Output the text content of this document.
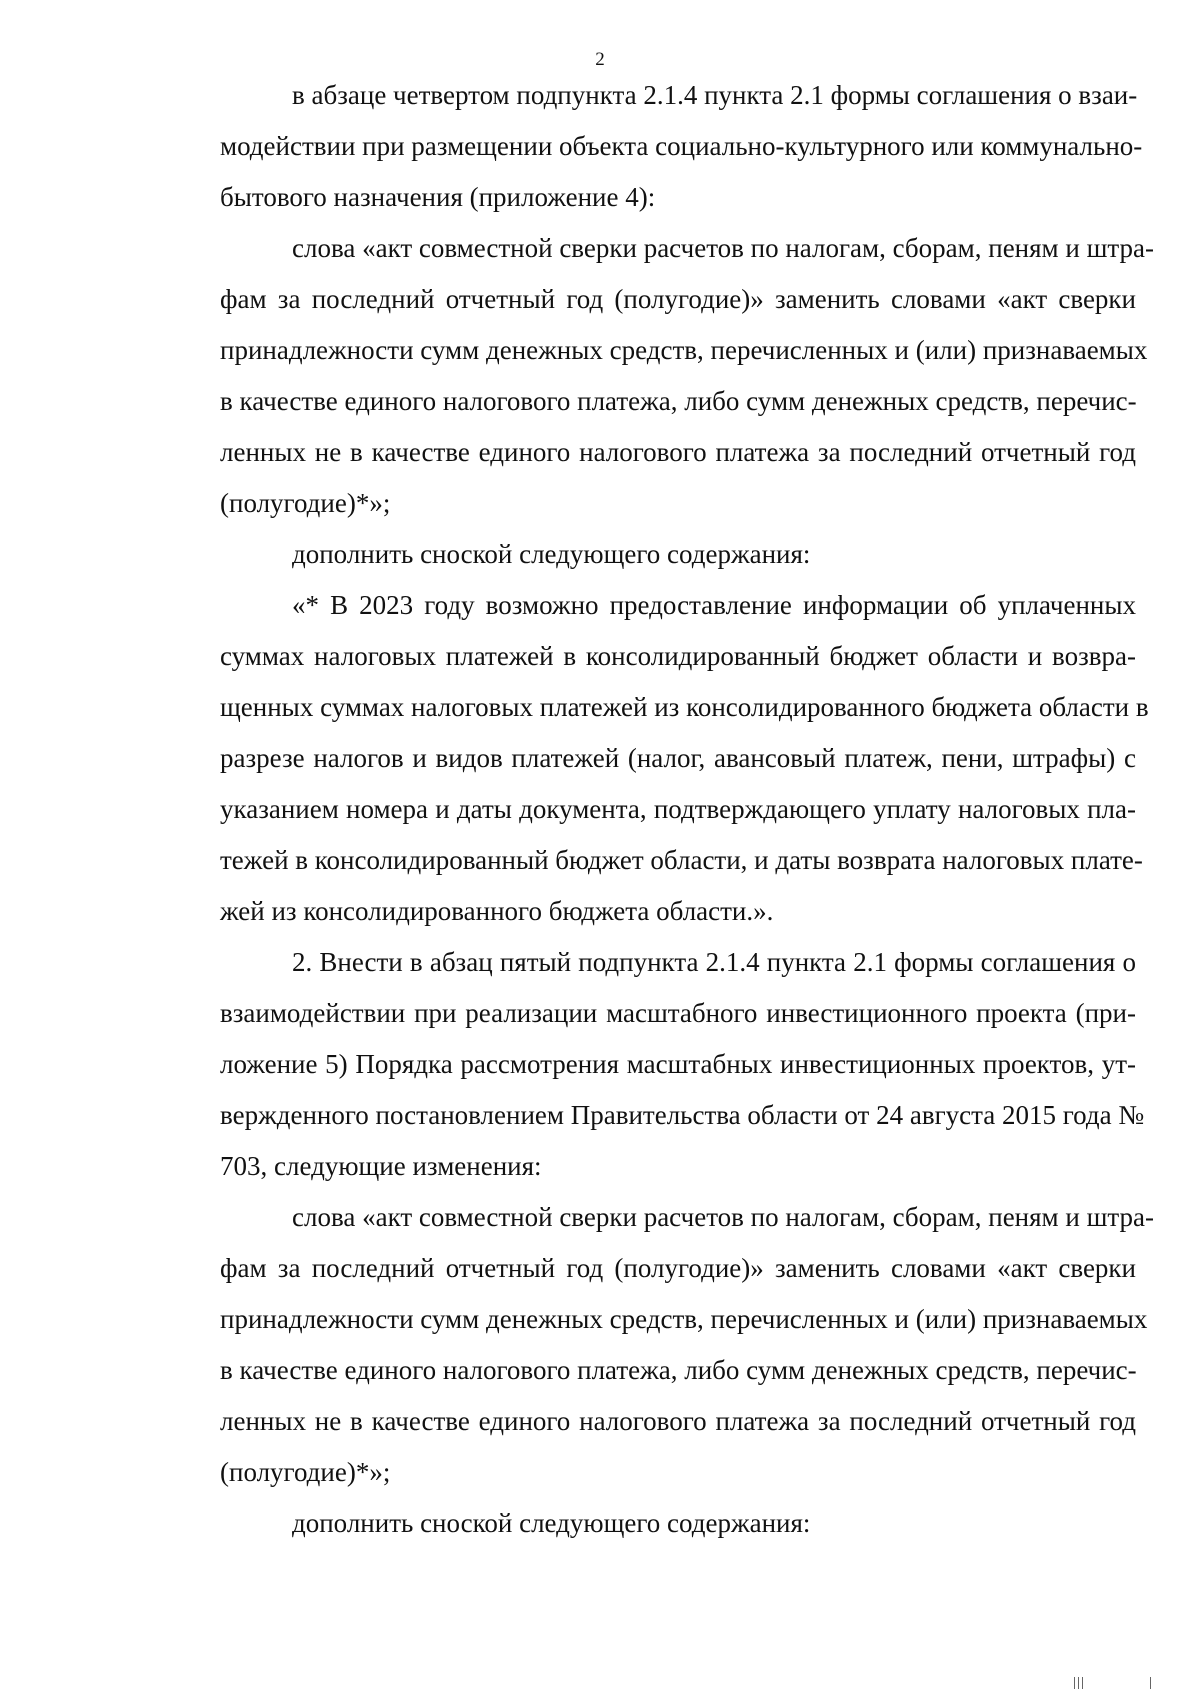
2
в абзаце четвертом подпункта 2.1.4 пункта 2.1 формы соглашения о взаи-
модействии при размещении объекта социально-культурного или коммунально-
бытового назначения (приложение 4):
слова «акт совместной сверки расчетов по налогам, сборам, пеням и штра-
фам за последний отчетный год (полугодие)» заменить словами «акт сверки
принадлежности сумм денежных средств, перечисленных и (или) признаваемых
в качестве единого налогового платежа, либо сумм денежных средств, перечис-
ленных не в качестве единого налогового платежа за последний отчетный год
(полугодие)*»;
дополнить сноской следующего содержания:
«* В 2023 году возможно предоставление информации об уплаченных
суммах налоговых платежей в консолидированный бюджет области и возвра-
щенных суммах налоговых платежей из консолидированного бюджета области в
разрезе налогов и видов платежей (налог, авансовый платеж, пени, штрафы) с
указанием номера и даты документа, подтверждающего уплату налоговых пла-
тежей в консолидированный бюджет области, и даты возврата налоговых плате-
жей из консолидированного бюджета области.».
2. Внести в абзац пятый подпункта 2.1.4 пункта 2.1 формы соглашения о
взаимодействии при реализации масштабного инвестиционного проекта (при-
ложение 5) Порядка рассмотрения масштабных инвестиционных проектов, ут-
вержденного постановлением Правительства области от 24 августа 2015 года №
703, следующие изменения:
слова «акт совместной сверки расчетов по налогам, сборам, пеням и штра-
фам за последний отчетный год (полугодие)» заменить словами «акт сверки
принадлежности сумм денежных средств, перечисленных и (или) признаваемых
в качестве единого налогового платежа, либо сумм денежных средств, перечис-
ленных не в качестве единого налогового платежа за последний отчетный год
(полугодие)*»;
дополнить сноской следующего содержания:
